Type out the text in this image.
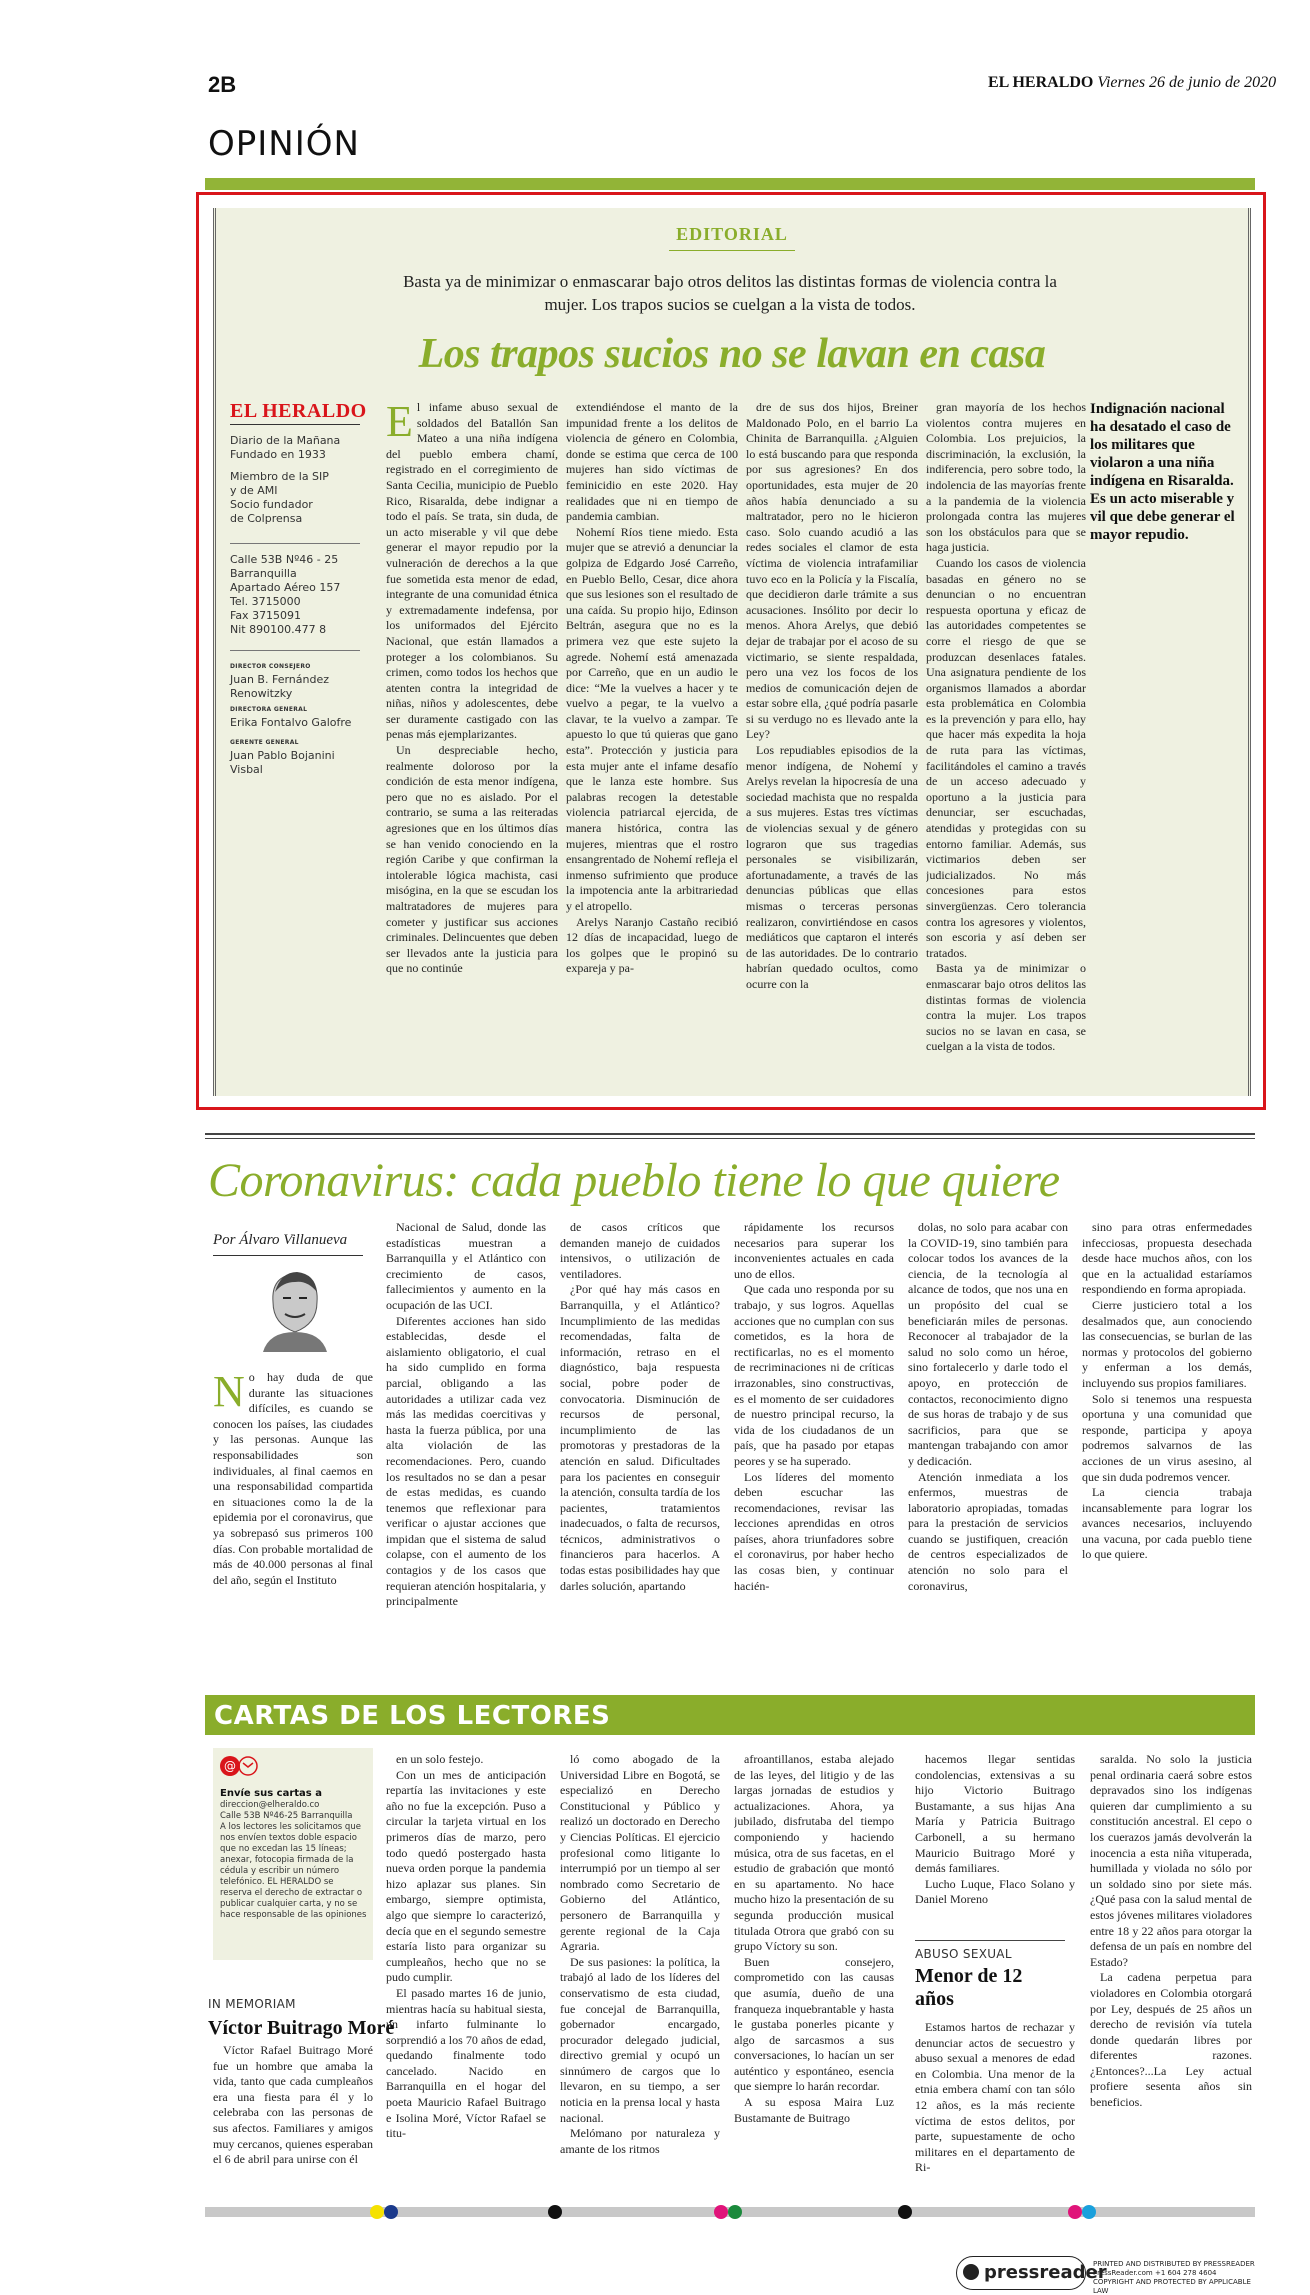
2B	EL HERALDO Viernes 26 de junio de 2020
OPINIÓN
EDITORIAL
Basta ya de minimizar o enmascarar bajo otros delitos las distintas formas de violencia contra la mujer. Los trapos sucios se cuelgan a la vista de todos.
Los trapos sucios no se lavan en casa
EL HERALDO
Diario de la Mañana
Fundado en 1933
Miembro de la SIP
y de AMI
Socio fundador
de Colprensa
Calle 53B Nº46 - 25
Barranquilla
Apartado Aéreo 157
Tel. 3715000
Fax 3715091
Nit 890100.477 8
DIRECTOR CONSEJERO
Juan B. Fernández
Renowitzky
DIRECTORA GENERAL
Erika Fontalvo Galofre
GERENTE GENERAL
Juan Pablo Bojanini
Visbal

El infame abuso sexual de soldados del Batallón San Mateo a una niña indígena del pueblo embera chamí, registrado en el corregimiento de Santa Cecilia, municipio de Pueblo Rico, Risaralda, debe indignar a todo el país. Se trata, sin duda, de un acto miserable y vil que debe generar el mayor repudio por la vulneración de derechos a la que fue sometida esta menor de edad, integrante de una comunidad étnica y extremadamente indefensa, por los uniformados del Ejército Nacional, que están llamados a proteger a los colombianos. Su crimen, como todos los hechos que atenten contra la integridad de niñas, niños y adolescentes, debe ser duramente castigado con las penas más ejemplarizantes.

Un despreciable hecho, realmente doloroso por la condición de esta menor indígena, pero que no es aislado. Por el contrario, se suma a las reiteradas agresiones que en los últimos días se han venido conociendo en la región Caribe y que confirman la intolerable lógica machista, casi misógina, en la que se escudan los maltratadores de mujeres para cometer y justificar sus acciones criminales. Delincuentes que deben ser llevados ante la justicia para que no continúe

extendiéndose el manto de la impunidad frente a los delitos de violencia de género en Colombia, donde se estima que cerca de 100 mujeres han sido víctimas de feminicidio en este 2020. Hay realidades que ni en tiempo de pandemia cambian.

Nohemí Ríos tiene miedo. Esta mujer que se atrevió a denunciar la golpiza de Edgardo José Carreño, en Pueblo Bello, Cesar, dice ahora que sus lesiones son el resultado de una caída. Su propio hijo, Edinson Beltrán, asegura que no es la primera vez que este sujeto la agrede. Nohemí está amenazada por Carreño, que en un audio le dice: “Me la vuelves a hacer y te vuelvo a pegar, te la vuelvo a clavar, te la vuelvo a zampar. Te apuesto lo que tú quieras que gano esta”. Protección y justicia para esta mujer ante el infame desafío que le lanza este hombre. Sus palabras recogen la detestable violencia patriarcal ejercida, de manera histórica, contra las mujeres, mientras que el rostro ensangrentado de Nohemí refleja el inmenso sufrimiento que produce la impotencia ante la arbitrariedad y el atropello.

Arelys Naranjo Castaño recibió 12 días de incapacidad, luego de los golpes que le propinó su expareja y pa-

dre de sus dos hijos, Breiner Maldonado Polo, en el barrio La Chinita de Barranquilla. ¿Alguien lo está buscando para que responda por sus agresiones? En dos oportunidades, esta mujer de 20 años había denunciado a su maltratador, pero no le hicieron caso. Solo cuando acudió a las redes sociales el clamor de esta víctima de violencia intrafamiliar tuvo eco en la Policía y la Fiscalía, que decidieron darle trámite a sus acusaciones. Insólito por decir lo menos. Ahora Arelys, que debió dejar de trabajar por el acoso de su victimario, se siente respaldada, pero una vez los focos de los medios de comunicación dejen de estar sobre ella, ¿qué podría pasarle si su verdugo no es llevado ante la Ley?

Los repudiables episodios de la menor indígena, de Nohemí y Arelys revelan la hipocresía de una sociedad machista que no respalda a sus mujeres. Estas tres víctimas de violencias sexual y de género lograron que sus tragedias personales se visibilizarán, afortunadamente, a través de las denuncias públicas que ellas mismas o terceras personas realizaron, convirtiéndose en casos mediáticos que captaron el interés de las autoridades. De lo contrario habrían quedado ocultos, como ocurre con la

gran mayoría de los hechos violentos contra mujeres en Colombia. Los prejuicios, la discriminación, la exclusión, la indiferencia, pero sobre todo, la indolencia de las mayorías frente a la pandemia de la violencia prolongada contra las mujeres son los obstáculos para que se haga justicia.

Cuando los casos de violencia basadas en género no se denuncian o no encuentran respuesta oportuna y eficaz de las autoridades competentes se corre el riesgo de que se produzcan desenlaces fatales. Una asignatura pendiente de los organismos llamados a abordar esta problemática en Colombia es la prevención y para ello, hay que hacer más expedita la hoja de ruta para las víctimas, facilitándoles el camino a través de un acceso adecuado y oportuno a la justicia para denunciar, ser escuchadas, atendidas y protegidas con su entorno familiar. Además, sus victimarios deben ser judicializados. No más concesiones para estos sinvergüenzas. Cero tolerancia contra los agresores y violentos, son escoria y así deben ser tratados.

Basta ya de minimizar o enmascarar bajo otros delitos las distintas formas de violencia contra la mujer. Los trapos sucios no se lavan en casa, se cuelgan a la vista de todos.

Indignación nacional ha desatado el caso de los militares que violaron a una niña indígena en Risaralda. Es un acto miserable y vil que debe generar el mayor repudio.
Coronavirus: cada pueblo tiene lo que quiere
Por Álvaro Villanueva

No hay duda de que durante las situaciones difíciles, es cuando se conocen los países, las ciudades y las personas. Aunque las responsabilidades son individuales, al final caemos en una responsabilidad compartida en situaciones como la de la epidemia por el coronavirus, que ya sobrepasó sus primeros 100 días. Con probable mortalidad de más de 40.000 personas al final del año, según el Instituto

Nacional de Salud, donde las estadísticas muestran a Barranquilla y el Atlántico con crecimiento de casos, fallecimientos y aumento en la ocupación de las UCI.

Diferentes acciones han sido establecidas, desde el aislamiento obligatorio, el cual ha sido cumplido en forma parcial, obligando a las autoridades a utilizar cada vez más las medidas coercitivas y hasta la fuerza pública, por una alta violación de las recomendaciones. Pero, cuando los resultados no se dan a pesar de estas medidas, es cuando tenemos que reflexionar para verificar o ajustar acciones que impidan que el sistema de salud colapse, con el aumento de los contagios y de los casos que requieran atención hospitalaria, y principalmente

de casos críticos que demanden manejo de cuidados intensivos, o utilización de ventiladores.

¿Por qué hay más casos en Barranquilla, y el Atlántico? Incumplimiento de las medidas recomendadas, falta de información, retraso en el diagnóstico, baja respuesta social, pobre poder de convocatoria. Disminución de recursos de personal, incumplimiento de las promotoras y prestadoras de la atención en salud. Dificultades para los pacientes en conseguir la atención, consulta tardía de los pacientes, tratamientos inadecuados, o falta de recursos, técnicos, administrativos o financieros para hacerlos. A todas estas posibilidades hay que darles solución, apartando

rápidamente los recursos necesarios para superar los inconvenientes actuales en cada uno de ellos.

Que cada uno responda por su trabajo, y sus logros. Aquellas acciones que no cumplan con sus cometidos, es la hora de rectificarlas, no es el momento de recriminaciones ni de críticas irrazonables, sino constructivas, es el momento de ser cuidadores de nuestro principal recurso, la vida de los ciudadanos de un país, que ha pasado por etapas peores y se ha superado.

Los líderes del momento deben escuchar las recomendaciones, revisar las lecciones aprendidas en otros países, ahora triunfadores sobre el coronavirus, por haber hecho las cosas bien, y continuar hacién-

dolas, no solo para acabar con la COVID-19, sino también para colocar todos los avances de la ciencia, de la tecnología al alcance de todos, que nos una en un propósito del cual se beneficiarán miles de personas. Reconocer al trabajador de la salud no solo como un héroe, sino fortalecerlo y darle todo el apoyo, en protección de contactos, reconocimiento digno de sus horas de trabajo y de sus sacrificios, para que se mantengan trabajando con amor y dedicación.

Atención inmediata a los enfermos, muestras de laboratorio apropiadas, tomadas para la prestación de servicios cuando se justifiquen, creación de centros especializados de atención no solo para el coronavirus,

sino para otras enfermedades infecciosas, propuesta desechada desde hace muchos años, con los que en la actualidad estaríamos respondiendo en forma apropiada.

Cierre justiciero total a los desalmados que, aun conociendo las consecuencias, se burlan de las normas y protocolos del gobierno y enferman a los demás, incluyendo sus propios familiares.

Solo si tenemos una respuesta oportuna y una comunidad que responde, participa y apoya podremos salvarnos de las acciones de un virus asesino, al que sin duda podremos vencer.

La ciencia trabaja incansablemente para lograr los avances necesarios, incluyendo una vacuna, por cada pueblo tiene lo que quiere.

CARTAS DE LOS LECTORES
@
Envíe sus cartas a
direccion@elheraldo.co
Calle 53B Nº46-25 Barranquilla
A los lectores les solicitamos que nos envíen textos doble espacio que no excedan las 15 líneas; anexar, fotocopia firmada de la cédula y escribir un número telefónico. EL HERALDO se reserva el derecho de extractar o publicar cualquier carta, y no se hace responsable de las opiniones
IN MEMORIAM
Víctor Buitrago Moré

Víctor Rafael Buitrago Moré fue un hombre que amaba la vida, tanto que cada cumpleaños era una fiesta para él y lo celebraba con las personas de sus afectos. Familiares y amigos muy cercanos, quienes esperaban el 6 de abril para unirse con él

en un solo festejo.

Con un mes de anticipación repartía las invitaciones y este año no fue la excepción. Puso a circular la tarjeta virtual en los primeros días de marzo, pero todo quedó postergado hasta nueva orden porque la pandemia hizo aplazar sus planes. Sin embargo, siempre optimista, algo que siempre lo caracterizó, decía que en el segundo semestre estaría listo para organizar su cumpleaños, hecho que no se pudo cumplir.

El pasado martes 16 de junio, mientras hacía su habitual siesta, un infarto fulminante lo sorprendió a los 70 años de edad, quedando finalmente todo cancelado. Nacido en Barranquilla en el hogar del poeta Mauricio Rafael Buitrago e Isolina Moré, Víctor Rafael se titu-

ló como abogado de la Universidad Libre en Bogotá, se especializó en Derecho Constitucional y Público y realizó un doctorado en Derecho y Ciencias Políticas. El ejercicio profesional como litigante lo interrumpió por un tiempo al ser nombrado como Secretario de Gobierno del Atlántico, personero de Barranquilla y gerente regional de la Caja Agraria.

De sus pasiones: la política, la trabajó al lado de los líderes del conservatismo de esta ciudad, fue concejal de Barranquilla, gobernador encargado, procurador delegado judicial, directivo gremial y ocupó un sinnúmero de cargos que lo llevaron, en su tiempo, a ser noticia en la prensa local y hasta nacional.

Melómano por naturaleza y amante de los ritmos

afroantillanos, estaba alejado de las leyes, del litigio y de las largas jornadas de estudios y actualizaciones. Ahora, ya jubilado, disfrutaba del tiempo componiendo y haciendo música, otra de sus facetas, en el estudio de grabación que montó en su apartamento. No hace mucho hizo la presentación de su segunda producción musical titulada Otrora que grabó con su grupo Víctory su son.

Buen consejero, comprometido con las causas que asumía, dueño de una franqueza inquebrantable y hasta le gustaba ponerles picante y algo de sarcasmos a sus conversaciones, lo hacían un ser auténtico y espontáneo, esencia que siempre lo harán recordar.

A su esposa Maira Luz Bustamante de Buitrago

hacemos llegar sentidas condolencias, extensivas a su hijo Victorio Buitrago Bustamante, a sus hijas Ana María y Patricia Buitrago Carbonell, a su hermano Mauricio Buitrago Moré y demás familiares.

Lucho Luque, Flaco Solano y Daniel Moreno

ABUSO SEXUAL
Menor de 12 años

Estamos hartos de rechazar y denunciar actos de secuestro y abuso sexual a menores de edad en Colombia. Una menor de la etnia embera chamí con tan sólo 12 años, es la más reciente víctima de estos delitos, por parte, supuestamente de ocho militares en el departamento de Ri-

saralda. No solo la justicia penal ordinaria caerá sobre estos depravados sino los indígenas quieren dar cumplimiento a su constitución ancestral. El cepo o los cuerazos jamás devolverán la inocencia a esta niña vituperada, humillada y violada no sólo por un soldado sino por siete más. ¿Qué pasa con la salud mental de estos jóvenes militares violadores entre 18 y 22 años para otorgar la defensa de un país en nombre del Estado?

La cadena perpetua para violadores en Colombia otorgará por Ley, después de 25 años un derecho de revisión vía tutela donde quedarán libres por diferentes razones. ¿Entonces?...La Ley actual profiere sesenta años sin beneficios.

pressreader
PRINTED AND DISTRIBUTED BY PRESSREADER
PressReader.com +1 604 278 4604
COPYRIGHT AND PROTECTED BY APPLICABLE LAW
